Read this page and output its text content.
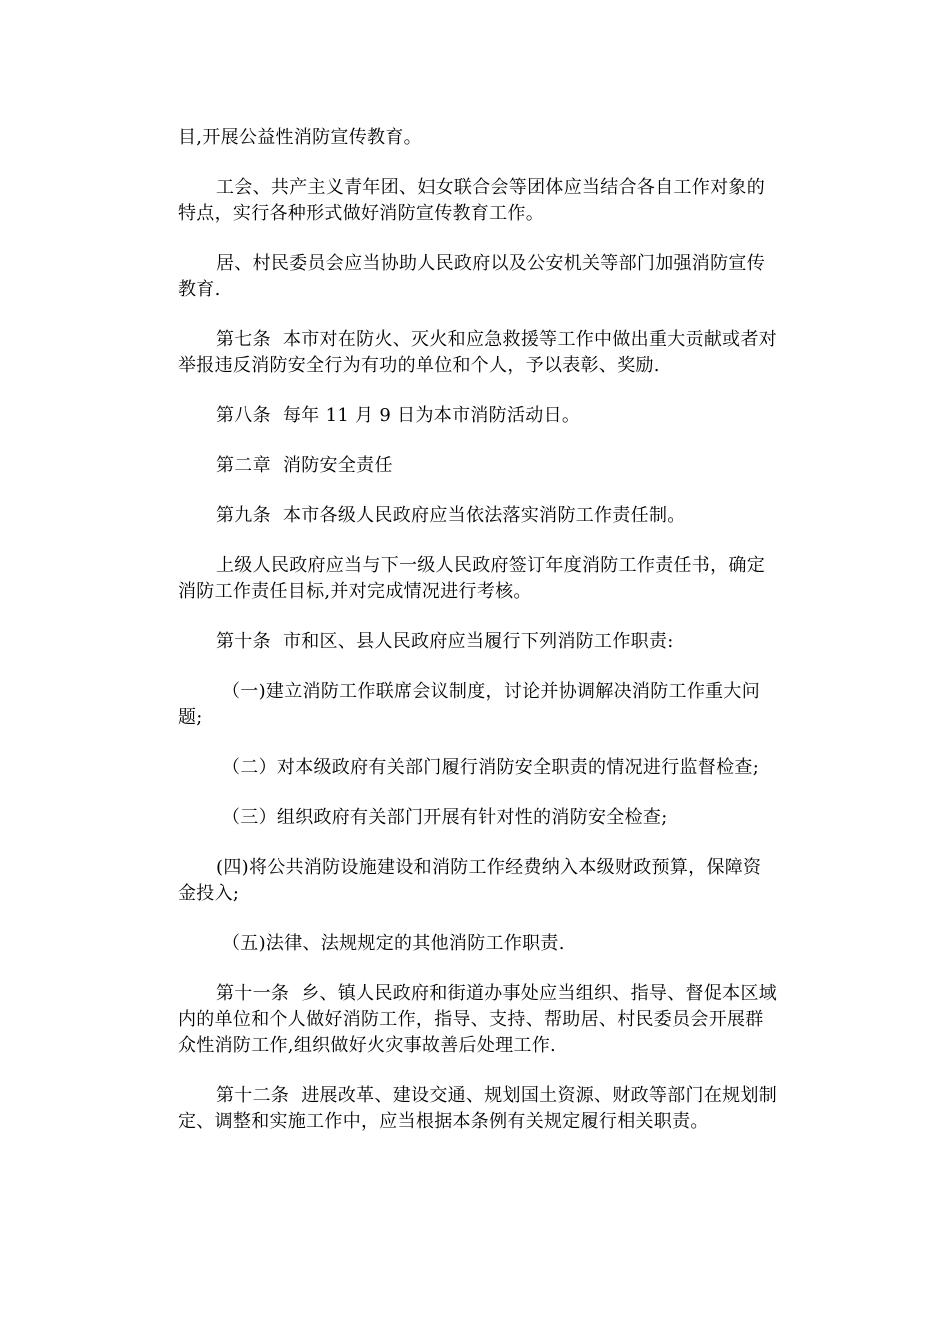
目,开展公益性消防宣传教育。

工会、共产主义青年团、妇女联合会等团体应当结合各自工作对象的特点，实行各种形式做好消防宣传教育工作。

居、村民委员会应当协助人民政府以及公安机关等部门加强消防宣传教育.

第七条  本市对在防火、灭火和应急救援等工作中做出重大贡献或者对举报违反消防安全行为有功的单位和个人，予以表彰、奖励.

第八条  每年 11 月 9 日为本市消防活动日。

第二章  消防安全责任

第九条  本市各级人民政府应当依法落实消防工作责任制。

上级人民政府应当与下一级人民政府签订年度消防工作责任书，确定消防工作责任目标,并对完成情况进行考核。

第十条  市和区、县人民政府应当履行下列消防工作职责:

（一)建立消防工作联席会议制度，讨论并协调解决消防工作重大问题;

（二）对本级政府有关部门履行消防安全职责的情况进行监督检查;

（三）组织政府有关部门开展有针对性的消防安全检查;

(四)将公共消防设施建设和消防工作经费纳入本级财政预算，保障资金投入;

（五)法律、法规规定的其他消防工作职责.

第十一条  乡、镇人民政府和街道办事处应当组织、指导、督促本区域内的单位和个人做好消防工作，指导、支持、帮助居、村民委员会开展群众性消防工作,组织做好火灾事故善后处理工作.

第十二条  进展改革、建设交通、规划国土资源、财政等部门在规划制定、调整和实施工作中，应当根据本条例有关规定履行相关职责。
